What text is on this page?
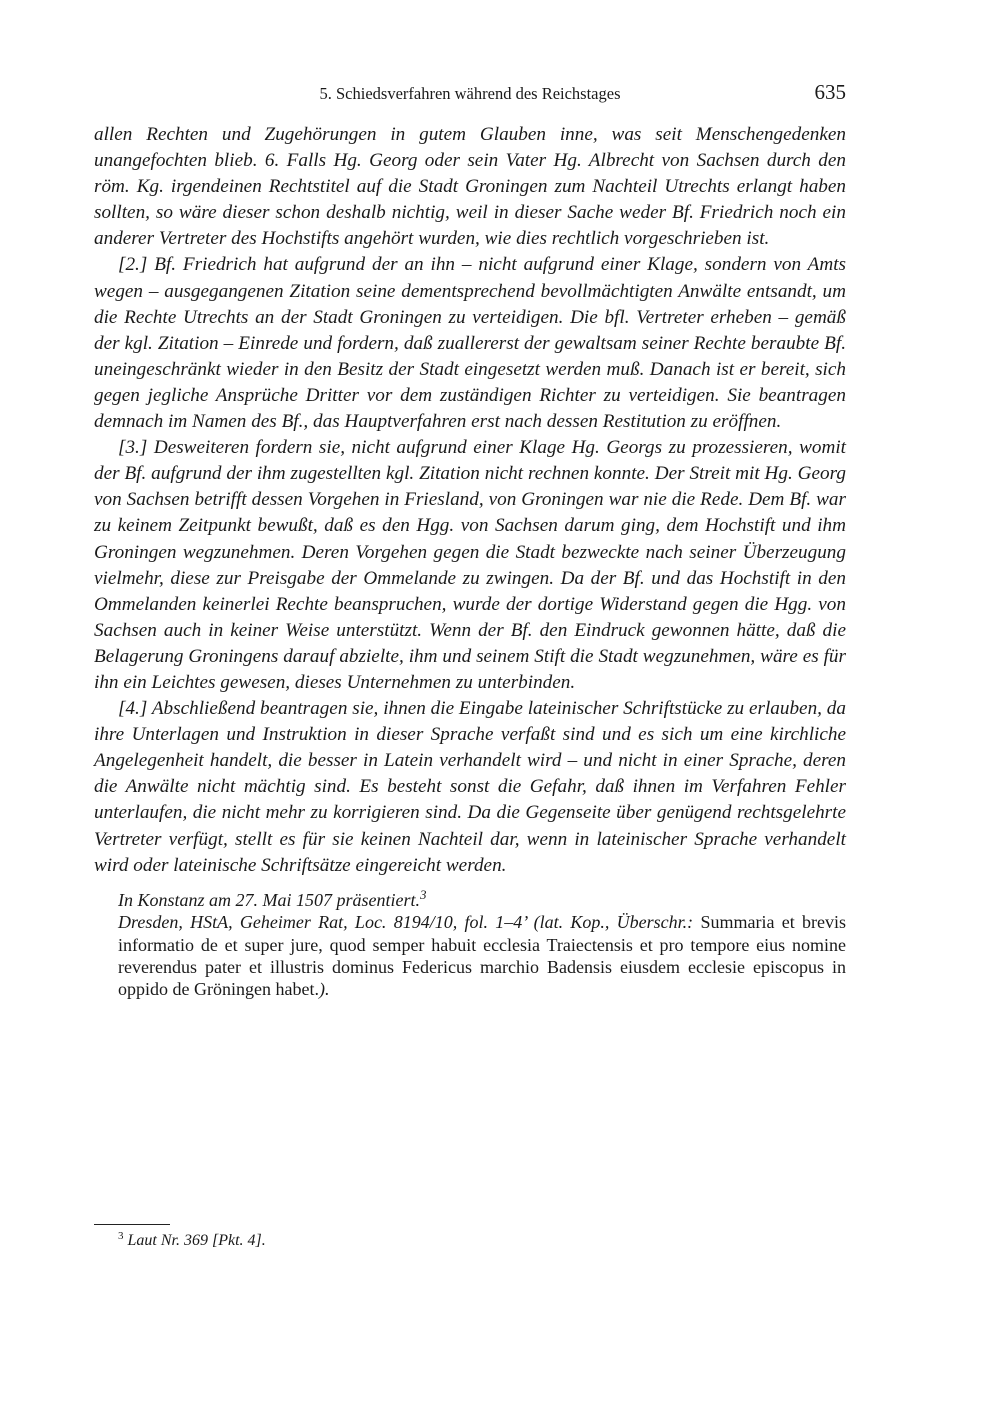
5. Schiedsverfahren während des Reichstages	635

allen Rechten und Zugehörungen in gutem Glauben inne, was seit Menschengedenken unangefochten blieb. 6. Falls Hg. Georg oder sein Vater Hg. Albrecht von Sachsen durch den röm. Kg. irgendeinen Rechtstitel auf die Stadt Groningen zum Nachteil Utrechts erlangt haben sollten, so wäre dieser schon deshalb nichtig, weil in dieser Sache weder Bf. Friedrich noch ein anderer Vertreter des Hochstifts angehört wurden, wie dies rechtlich vorgeschrieben ist.

[2.] Bf. Friedrich hat aufgrund der an ihn – nicht aufgrund einer Klage, sondern von Amts wegen – ausgegangenen Zitation seine dementsprechend bevollmächtigten Anwälte entsandt, um die Rechte Utrechts an der Stadt Groningen zu verteidigen. Die bfl. Vertreter erheben – gemäß der kgl. Zitation – Einrede und fordern, daß zuallererst der gewaltsam seiner Rechte beraubte Bf. uneingeschränkt wieder in den Besitz der Stadt eingesetzt werden muß. Danach ist er bereit, sich gegen jegliche Ansprüche Dritter vor dem zuständigen Richter zu verteidigen. Sie beantragen demnach im Namen des Bf., das Hauptverfahren erst nach dessen Restitution zu eröffnen.

[3.] Desweiteren fordern sie, nicht aufgrund einer Klage Hg. Georgs zu prozessieren, womit der Bf. aufgrund der ihm zugestellten kgl. Zitation nicht rechnen konnte. Der Streit mit Hg. Georg von Sachsen betrifft dessen Vorgehen in Friesland, von Groningen war nie die Rede. Dem Bf. war zu keinem Zeitpunkt bewußt, daß es den Hgg. von Sachsen darum ging, dem Hochstift und ihm Groningen wegzunehmen. Deren Vorgehen gegen die Stadt bezweckte nach seiner Überzeugung vielmehr, diese zur Preisgabe der Ommelande zu zwingen. Da der Bf. und das Hochstift in den Ommelanden keinerlei Rechte beanspruchen, wurde der dortige Widerstand gegen die Hgg. von Sachsen auch in keiner Weise unterstützt. Wenn der Bf. den Eindruck gewonnen hätte, daß die Belagerung Groningens darauf abzielte, ihm und seinem Stift die Stadt wegzunehmen, wäre es für ihn ein Leichtes gewesen, dieses Unternehmen zu unterbinden.

[4.] Abschließend beantragen sie, ihnen die Eingabe lateinischer Schriftstücke zu erlauben, da ihre Unterlagen und Instruktion in dieser Sprache verfaßt sind und es sich um eine kirchliche Angelegenheit handelt, die besser in Latein verhandelt wird – und nicht in einer Sprache, deren die Anwälte nicht mächtig sind. Es besteht sonst die Gefahr, daß ihnen im Verfahren Fehler unterlaufen, die nicht mehr zu korrigieren sind. Da die Gegenseite über genügend rechtsgelehrte Vertreter verfügt, stellt es für sie keinen Nachteil dar, wenn in lateinischer Sprache verhandelt wird oder lateinische Schriftsätze eingereicht werden.

In Konstanz am 27. Mai 1507 präsentiert.$^3$

Dresden, HStA, Geheimer Rat, Loc. 8194/10, fol. 1–4’ (lat. Kop., Überschr.: Summaria et brevis informatio de et super jure, quod semper habuit ecclesia Traiectensis et pro tempore eius nomine reverendus pater et illustris dominus Federicus marchio Badensis eiusdem ecclesie episcopus in oppido de Gröningen habet.).

$^3$ Laut Nr. 369 [Pkt. 4].
